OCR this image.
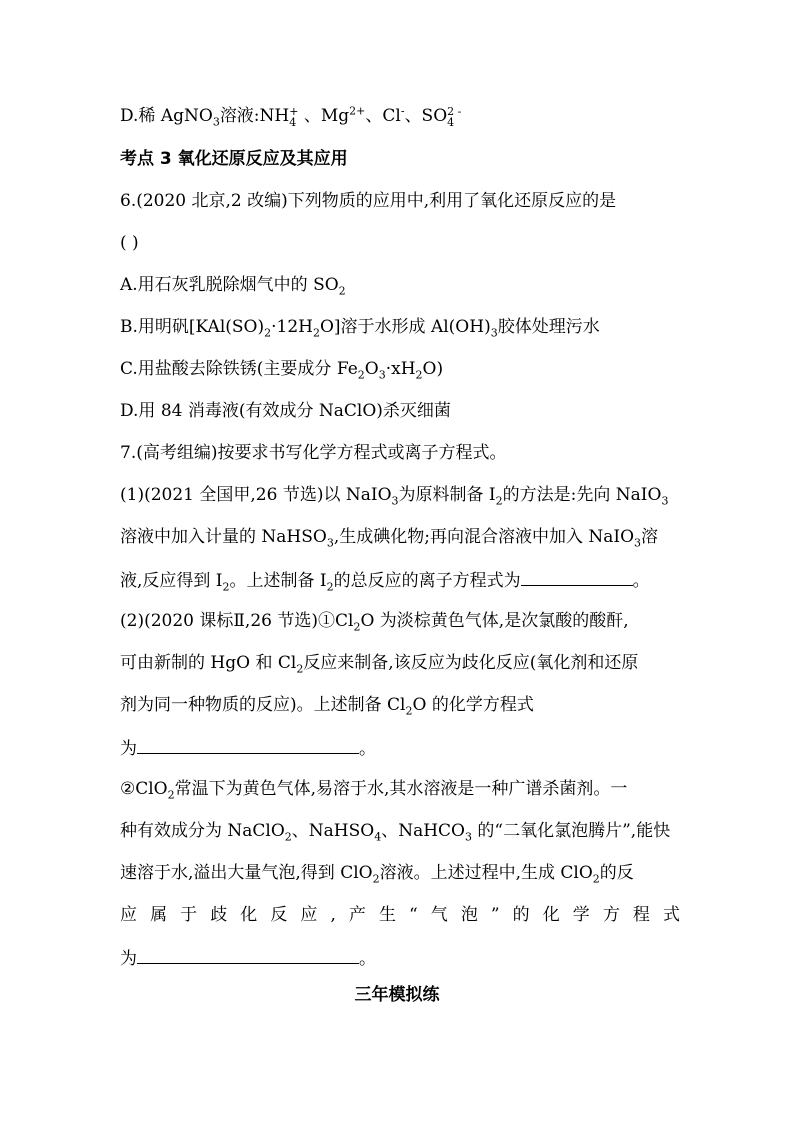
D.稀 AgNO$_3$溶液:NH +
4 、$Mg^{2+}$、Cl-、SO 2 -
4
考点 3 氧化还原反应及其应用
6.(2020 北京,2 改编)下列物质的应用中,利用了氧化还原反应的是
( )
A.用石灰乳脱除烟气中的 $SO_2$
B.用明矾$[KAl(SO)_2\cdot 12H_2O]$溶于水形成 $Al(OH)_3$胶体处理污水
C.用盐酸去除铁锈(主要成分 $Fe_2O_3\cdot xH_2O$)
D.用 84 消毒液(有效成分 NaClO)杀灭细菌
7.(高考组编)按要求书写化学方程式或离子方程式。
(1)(2021 全国甲,26 节选)以 NaIO$_3$为原料制备 $I_2$的方法是:先向 NaIO$_3$
溶液中加入计量的 NaHSO$_3$,生成碘化物;再向混合溶液中加入 NaIO$_3$溶
液,反应得到 $I_2$。上述制备 $I_2$的总反应的离子方程式为	。
(2)(2020 课标Ⅱ,26 节选)$①Cl_2O$ 为淡棕黄色气体,是次氯酸的酸酐,
可由新制的 HgO 和 $Cl_2$反应来制备,该反应为歧化反应(氧化剂和还原
剂为同一种物质的反应)。上述制备 $Cl_2O$ 的化学方程式
为	。
②ClO$_2$常温下为黄色气体,易溶于水,其水溶液是一种广谱杀菌剂。一
种有效成分为 NaClO$_2$、NaHSO$_4$、NaHCO$_3$ 的“二氧化氯泡腾片”,能快
速溶于水,溢出大量气泡,得到 ClO$_2$溶液。上述过程中,生成 ClO$_2$的反
应属于歧化反应,产生“气泡”的化学方程式
为	。
三年模拟练
